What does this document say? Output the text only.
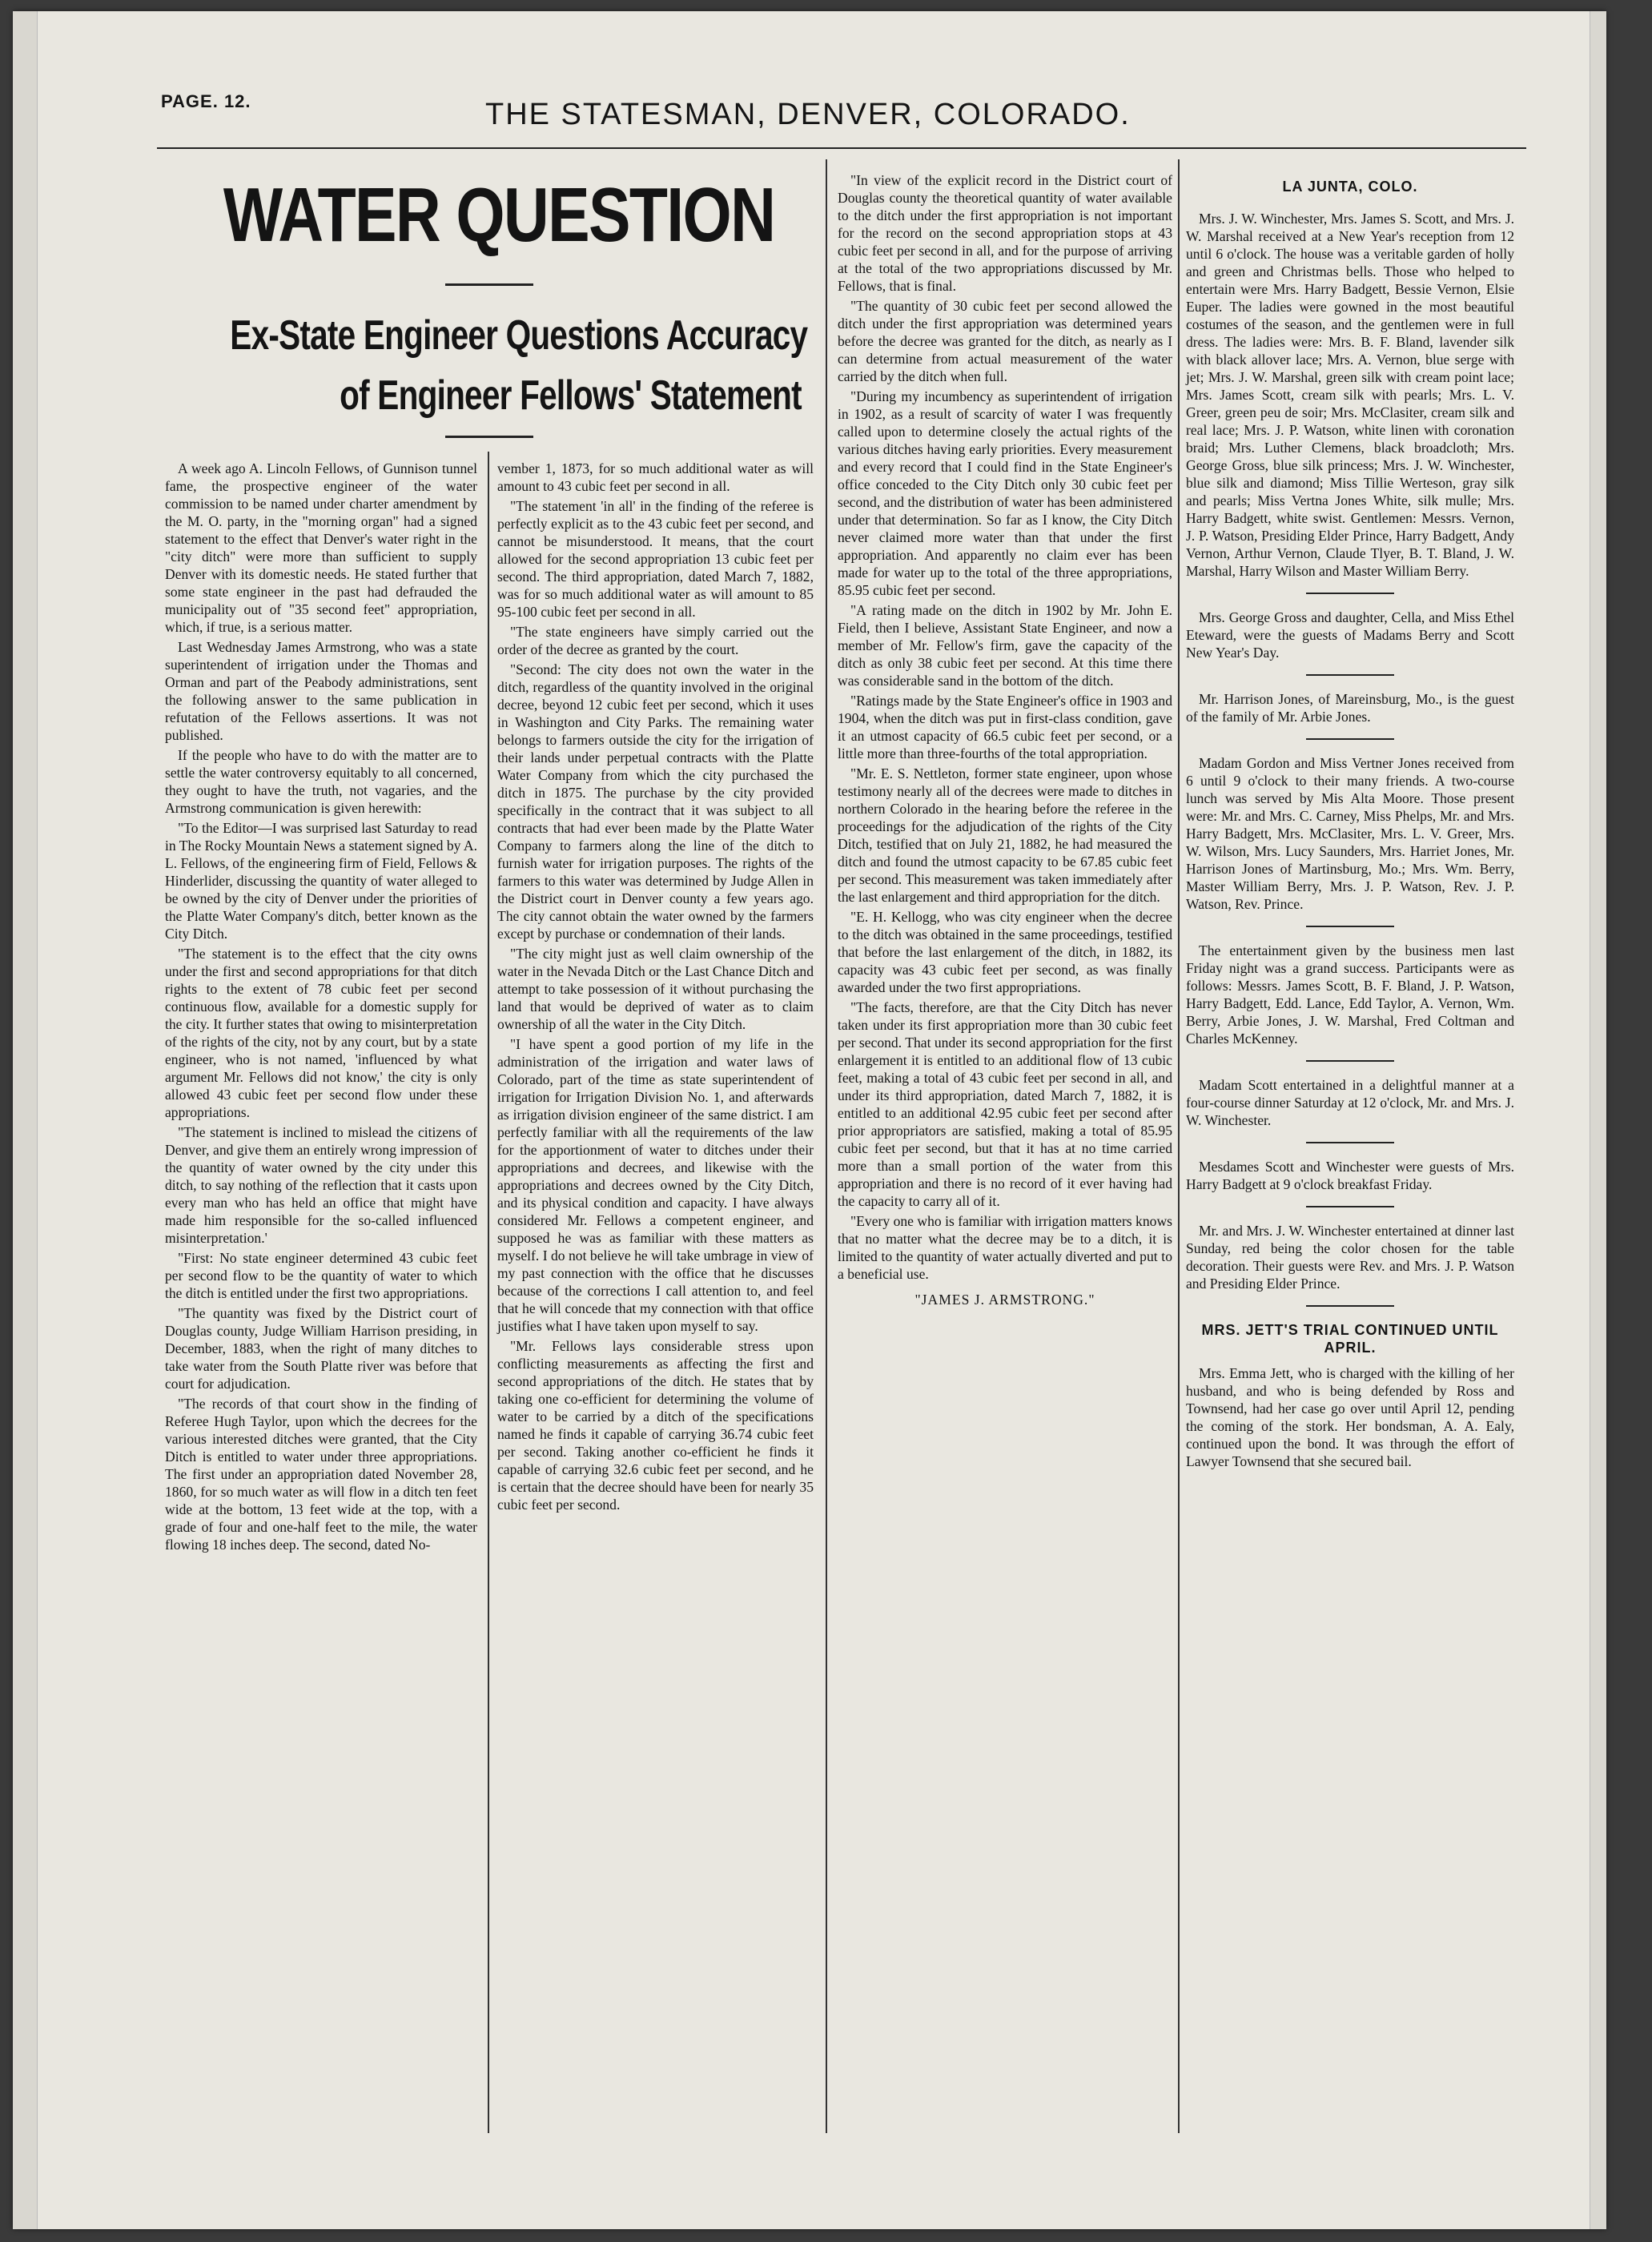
PAGE. 12.	THE STATESMAN, DENVER, COLORADO.
WATER QUESTION
Ex-State Engineer Questions Accuracy
of Engineer Fellows' Statement

A week ago A. Lincoln Fellows, of Gunnison tunnel fame, the prospective engineer of the water commission to be named under charter amendment by the M. O. party, in the "morning organ" had a signed statement to the effect that Denver's water right in the "city ditch" were more than sufficient to supply Denver with its domestic needs. He stated further that some state engineer in the past had defrauded the municipality out of "35 second feet" appropriation, which, if true, is a serious matter.

Last Wednesday James Armstrong, who was a state superintendent of irrigation under the Thomas and Orman and part of the Peabody administrations, sent the following answer to the same publication in refutation of the Fellows assertions. It was not published.

If the people who have to do with the matter are to settle the water controversy equitably to all concerned, they ought to have the truth, not vagaries, and the Armstrong communication is given herewith:

"To the Editor—I was surprised last Saturday to read in The Rocky Mountain News a statement signed by A. L. Fellows, of the engineering firm of Field, Fellows & Hinderlider, discussing the quantity of water alleged to be owned by the city of Denver under the priorities of the Platte Water Company's ditch, better known as the City Ditch.

"The statement is to the effect that the city owns under the first and second appropriations for that ditch rights to the extent of 78 cubic feet per second continuous flow, available for a domestic supply for the city. It further states that owing to misinterpretation of the rights of the city, not by any court, but by a state engineer, who is not named, 'influenced by what argument Mr. Fellows did not know,' the city is only allowed 43 cubic feet per second flow under these appropriations.

"The statement is inclined to mislead the citizens of Denver, and give them an entirely wrong impression of the quantity of water owned by the city under this ditch, to say nothing of the reflection that it casts upon every man who has held an office that might have made him responsible for the so-called influenced misinterpretation.'

"First: No state engineer determined 43 cubic feet per second flow to be the quantity of water to which the ditch is entitled under the first two appropriations.

"The quantity was fixed by the District court of Douglas county, Judge William Harrison presiding, in December, 1883, when the right of many ditches to take water from the South Platte river was before that court for adjudication.

"The records of that court show in the finding of Referee Hugh Taylor, upon which the decrees for the various interested ditches were granted, that the City Ditch is entitled to water under three appropriations. The first under an appropriation dated November 28, 1860, for so much water as will flow in a ditch ten feet wide at the bottom, 13 feet wide at the top, with a grade of four and one-half feet to the mile, the water flowing 18 inches deep. The second, dated No-

vember 1, 1873, for so much additional water as will amount to 43 cubic feet per second in all.

"The statement 'in all' in the finding of the referee is perfectly explicit as to the 43 cubic feet per second, and cannot be misunderstood. It means, that the court allowed for the second appropriation 13 cubic feet per second. The third appropriation, dated March 7, 1882, was for so much additional water as will amount to 85 95-100 cubic feet per second in all.

"The state engineers have simply carried out the order of the decree as granted by the court.

"Second: The city does not own the water in the ditch, regardless of the quantity involved in the original decree, beyond 12 cubic feet per second, which it uses in Washington and City Parks. The remaining water belongs to farmers outside the city for the irrigation of their lands under perpetual contracts with the Platte Water Company from which the city purchased the ditch in 1875. The purchase by the city provided specifically in the contract that it was subject to all contracts that had ever been made by the Platte Water Company to farmers along the line of the ditch to furnish water for irrigation purposes. The rights of the farmers to this water was determined by Judge Allen in the District court in Denver county a few years ago. The city cannot obtain the water owned by the farmers except by purchase or condemnation of their lands.

"The city might just as well claim ownership of the water in the Nevada Ditch or the Last Chance Ditch and attempt to take possession of it without purchasing the land that would be deprived of water as to claim ownership of all the water in the City Ditch.

"I have spent a good portion of my life in the administration of the irrigation and water laws of Colorado, part of the time as state superintendent of irrigation for Irrigation Division No. 1, and afterwards as irrigation division engineer of the same district. I am perfectly familiar with all the requirements of the law for the apportionment of water to ditches under their appropriations and decrees, and likewise with the appropriations and decrees owned by the City Ditch, and its physical condition and capacity. I have always considered Mr. Fellows a competent engineer, and supposed he was as familiar with these matters as myself. I do not believe he will take umbrage in view of my past connection with the office that he discusses because of the corrections I call attention to, and feel that he will concede that my connection with that office justifies what I have taken upon myself to say.

"Mr. Fellows lays considerable stress upon conflicting measurements as affecting the first and second appropriations of the ditch. He states that by taking one co-efficient for determining the volume of water to be carried by a ditch of the specifications named he finds it capable of carrying 36.74 cubic feet per second. Taking another co-efficient he finds it capable of carrying 32.6 cubic feet per second, and he is certain that the decree should have been for nearly 35 cubic feet per second.

"In view of the explicit record in the District court of Douglas county the theoretical quantity of water available to the ditch under the first appropriation is not important for the record on the second appropriation stops at 43 cubic feet per second in all, and for the purpose of arriving at the total of the two appropriations discussed by Mr. Fellows, that is final.

"The quantity of 30 cubic feet per second allowed the ditch under the first appropriation was determined years before the decree was granted for the ditch, as nearly as I can determine from actual measurement of the water carried by the ditch when full.

"During my incumbency as superintendent of irrigation in 1902, as a result of scarcity of water I was frequently called upon to determine closely the actual rights of the various ditches having early priorities. Every measurement and every record that I could find in the State Engineer's office conceded to the City Ditch only 30 cubic feet per second, and the distribution of water has been administered under that determination. So far as I know, the City Ditch never claimed more water than that under the first appropriation. And apparently no claim ever has been made for water up to the total of the three appropriations, 85.95 cubic feet per second.

"A rating made on the ditch in 1902 by Mr. John E. Field, then I believe, Assistant State Engineer, and now a member of Mr. Fellow's firm, gave the capacity of the ditch as only 38 cubic feet per second. At this time there was considerable sand in the bottom of the ditch.

"Ratings made by the State Engineer's office in 1903 and 1904, when the ditch was put in first-class condition, gave it an utmost capacity of 66.5 cubic feet per second, or a little more than three-fourths of the total appropriation.

"Mr. E. S. Nettleton, former state engineer, upon whose testimony nearly all of the decrees were made to ditches in northern Colorado in the hearing before the referee in the proceedings for the adjudication of the rights of the City Ditch, testified that on July 21, 1882, he had measured the ditch and found the utmost capacity to be 67.85 cubic feet per second. This measurement was taken immediately after the last enlargement and third appropriation for the ditch.

"E. H. Kellogg, who was city engineer when the decree to the ditch was obtained in the same proceedings, testified that before the last enlargement of the ditch, in 1882, its capacity was 43 cubic feet per second, as was finally awarded under the two first appropriations.

"The facts, therefore, are that the City Ditch has never taken under its first appropriation more than 30 cubic feet per second. That under its second appropriation for the first enlargement it is entitled to an additional flow of 13 cubic feet, making a total of 43 cubic feet per second in all, and under its third appropriation, dated March 7, 1882, it is entitled to an additional 42.95 cubic feet per second after prior appropriators are satisfied, making a total of 85.95 cubic feet per second, but that it has at no time carried more than a small portion of the water from this appropriation and there is no record of it ever having had the capacity to carry all of it.

"Every one who is familiar with irrigation matters knows that no matter what the decree may be to a ditch, it is limited to the quantity of water actually diverted and put to a beneficial use.

"JAMES J. ARMSTRONG."

LA JUNTA, COLO.

Mrs. J. W. Winchester, Mrs. James S. Scott, and Mrs. J. W. Marshal received at a New Year's reception from 12 until 6 o'clock. The house was a veritable garden of holly and green and Christmas bells. Those who helped to entertain were Mrs. Harry Badgett, Bessie Vernon, Elsie Euper. The ladies were gowned in the most beautiful costumes of the season, and the gentlemen were in full dress. The ladies were: Mrs. B. F. Bland, lavender silk with black allover lace; Mrs. A. Vernon, blue serge with jet; Mrs. J. W. Marshal, green silk with cream point lace; Mrs. James Scott, cream silk with pearls; Mrs. L. V. Greer, green peu de soir; Mrs. McClasiter, cream silk and real lace; Mrs. J. P. Watson, white linen with coronation braid; Mrs. Luther Clemens, black broadcloth; Mrs. George Gross, blue silk princess; Mrs. J. W. Winchester, blue silk and diamond; Miss Tillie Werteson, gray silk and pearls; Miss Vertna Jones White, silk mulle; Mrs. Harry Badgett, white swist. Gentlemen: Messrs. Vernon, J. P. Watson, Presiding Elder Prince, Harry Badgett, Andy Vernon, Arthur Vernon, Claude Tlyer, B. T. Bland, J. W. Marshal, Harry Wilson and Master William Berry.

Mrs. George Gross and daughter, Cella, and Miss Ethel Eteward, were the guests of Madams Berry and Scott New Year's Day.

Mr. Harrison Jones, of Mareinsburg, Mo., is the guest of the family of Mr. Arbie Jones.

Madam Gordon and Miss Vertner Jones received from 6 until 9 o'clock to their many friends. A two-course lunch was served by Mis Alta Moore. Those present were: Mr. and Mrs. C. Carney, Miss Phelps, Mr. and Mrs. Harry Badgett, Mrs. McClasiter, Mrs. L. V. Greer, Mrs. W. Wilson, Mrs. Lucy Saunders, Mrs. Harriet Jones, Mr. Harrison Jones of Martinsburg, Mo.; Mrs. Wm. Berry, Master William Berry, Mrs. J. P. Watson, Rev. J. P. Watson, Rev. Prince.

The entertainment given by the business men last Friday night was a grand success. Participants were as follows: Messrs. James Scott, B. F. Bland, J. P. Watson, Harry Badgett, Edd. Lance, Edd Taylor, A. Vernon, Wm. Berry, Arbie Jones, J. W. Marshal, Fred Coltman and Charles McKenney.

Madam Scott entertained in a delightful manner at a four-course dinner Saturday at 12 o'clock, Mr. and Mrs. J. W. Winchester.

Mesdames Scott and Winchester were guests of Mrs. Harry Badgett at 9 o'clock breakfast Friday.

Mr. and Mrs. J. W. Winchester entertained at dinner last Sunday, red being the color chosen for the table decoration. Their guests were Rev. and Mrs. J. P. Watson and Presiding Elder Prince.

MRS. JETT'S TRIAL CONTINUED UNTIL APRIL.

Mrs. Emma Jett, who is charged with the killing of her husband, and who is being defended by Ross and Townsend, had her case go over until April 12, pending the coming of the stork. Her bondsman, A. A. Ealy, continued upon the bond. It was through the effort of Lawyer Townsend that she secured bail.
